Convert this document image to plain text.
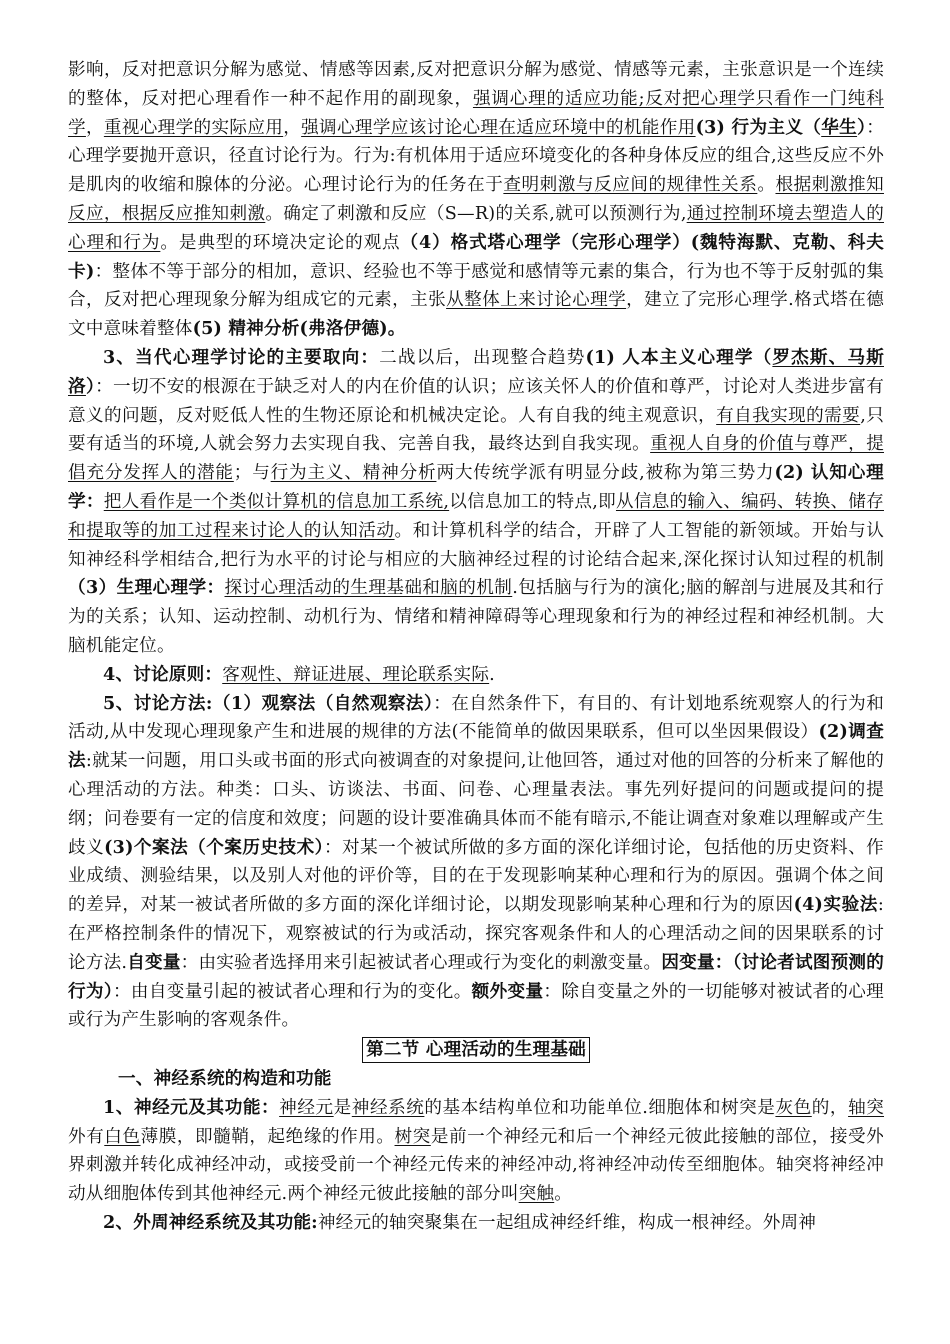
影响，反对把意识分解为感觉、情感等因素,反对把意识分解为感觉、情感等元素，主张意识是一个连续的整体，反对把心理看作一种不起作用的副现象，强调心理的适应功能;反对把心理学只看作一门纯科学，重视心理学的实际应用，强调心理学应该讨论心理在适应环境中的机能作用(3) 行为主义（华生）：心理学要抛开意识，径直讨论行为。行为:有机体用于适应环境变化的各种身体反应的组合,这些反应不外是肌肉的收缩和腺体的分泌。心理讨论行为的任务在于查明刺激与反应间的规律性关系。根据刺激推知反应，根据反应推知刺激。确定了刺激和反应（S—R)的关系,就可以预测行为,通过控制环境去塑造人的心理和行为。是典型的环境决定论的观点（4）格式塔心理学（完形心理学）(魏特海默、克勒、科夫卡)：整体不等于部分的相加，意识、经验也不等于感觉和感情等元素的集合，行为也不等于反射弧的集合，反对把心理现象分解为组成它的元素，主张从整体上来讨论心理学，建立了完形心理学.格式塔在德文中意味着整体(5) 精神分析(弗洛伊德)。

3、当代心理学讨论的主要取向：二战以后，出现整合趋势(1) 人本主义心理学（罗杰斯、马斯洛）：一切不安的根源在于缺乏对人的内在价值的认识；应该关怀人的价值和尊严，讨论对人类进步富有意义的问题，反对贬低人性的生物还原论和机械决定论。人有自我的纯主观意识，有自我实现的需要,只要有适当的环境,人就会努力去实现自我、完善自我，最终达到自我实现。重视人自身的价值与尊严，提倡充分发挥人的潜能；与行为主义、精神分析两大传统学派有明显分歧,被称为第三势力(2) 认知心理学：把人看作是一个类似计算机的信息加工系统,以信息加工的特点,即从信息的输入、编码、转换、储存和提取等的加工过程来讨论人的认知活动。和计算机科学的结合，开辟了人工智能的新领域。开始与认知神经科学相结合,把行为水平的讨论与相应的大脑神经过程的讨论结合起来,深化探讨认知过程的机制（3）生理心理学：探讨心理活动的生理基础和脑的机制.包括脑与行为的演化;脑的解剖与进展及其和行为的关系；认知、运动控制、动机行为、情绪和精神障碍等心理现象和行为的神经过程和神经机制。大脑机能定位。

4、讨论原则：客观性、辩证进展、理论联系实际.

5、讨论方法:（1）观察法（自然观察法）：在自然条件下，有目的、有计划地系统观察人的行为和活动,从中发现心理现象产生和进展的规律的方法(不能简单的做因果联系，但可以坐因果假设）(2)调查法:就某一问题，用口头或书面的形式向被调查的对象提问,让他回答，通过对他的回答的分析来了解他的心理活动的方法。种类：口头、访谈法、书面、问卷、心理量表法。事先列好提问的问题或提问的提纲；问卷要有一定的信度和效度；问题的设计要准确具体而不能有暗示,不能让调查对象难以理解或产生歧义(3)个案法（个案历史技术）：对某一个被试所做的多方面的深化详细讨论，包括他的历史资料、作业成绩、测验结果，以及别人对他的评价等，目的在于发现影响某种心理和行为的原因。强调个体之间的差异，对某一被试者所做的多方面的深化详细讨论，以期发现影响某种心理和行为的原因(4)实验法:在严格控制条件的情况下，观察被试的行为或活动，探究客观条件和人的心理活动之间的因果联系的讨论方法.自变量：由实验者选择用来引起被试者心理或行为变化的刺激变量。因变量：（讨论者试图预测的行为）：由自变量引起的被试者心理和行为的变化。额外变量：除自变量之外的一切能够对被试者的心理或行为产生影响的客观条件。

第二节 心理活动的生理基础

一、神经系统的构造和功能

1、神经元及其功能：神经元是神经系统的基本结构单位和功能单位.细胞体和树突是灰色的，轴突外有白色薄膜，即髓鞘，起绝缘的作用。树突是前一个神经元和后一个神经元彼此接触的部位，接受外界刺激并转化成神经冲动，或接受前一个神经元传来的神经冲动,将神经冲动传至细胞体。轴突将神经冲动从细胞体传到其他神经元.两个神经元彼此接触的部分叫突触。

2、外周神经系统及其功能:神经元的轴突聚集在一起组成神经纤维，构成一根神经。外周神
